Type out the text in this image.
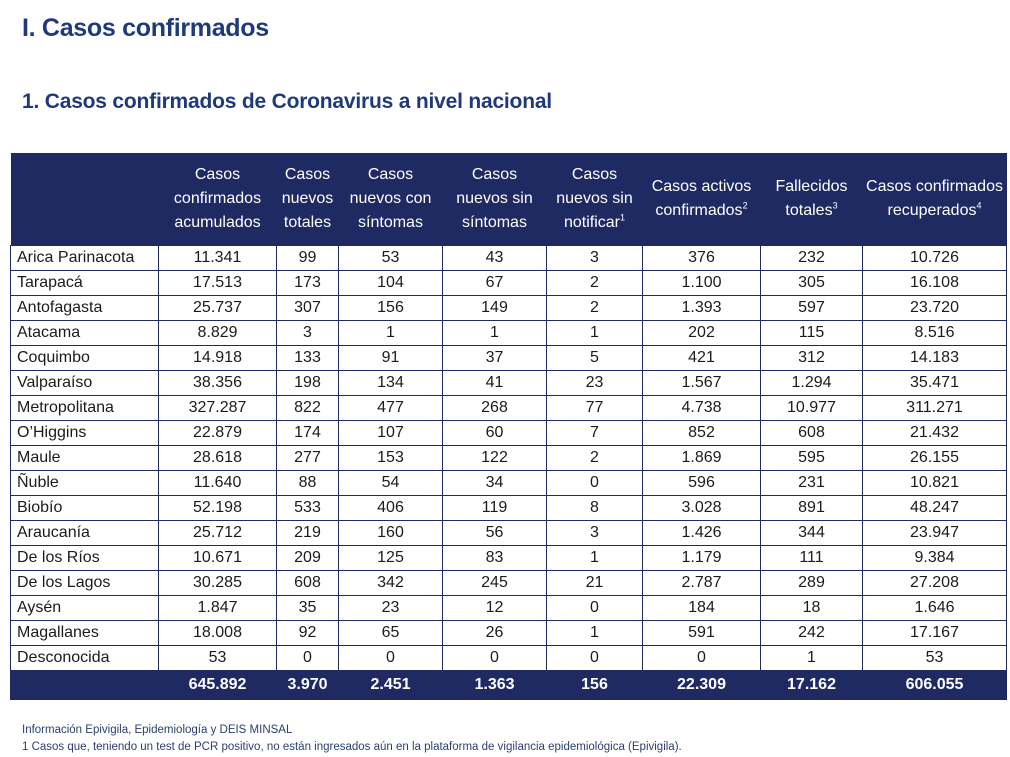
I. Casos confirmados
1. Casos confirmados de Coronavirus a nivel nacional
	Casos confirmados acumulados	Casos nuevos totales	Casos nuevos con síntomas	Casos nuevos sin síntomas	Casos nuevos sin notificar$^1$	Casos activos confirmados$^2$	Fallecidos totales$^3$	Casos confirmados recuperados$^4$
Arica Parinacota	11.341	99	53	43	3	376	232	10.726
Tarapacá	17.513	173	104	67	2	1.100	305	16.108
Antofagasta	25.737	307	156	149	2	1.393	597	23.720
Atacama	8.829	3	1	1	1	202	115	8.516
Coquimbo	14.918	133	91	37	5	421	312	14.183
Valparaíso	38.356	198	134	41	23	1.567	1.294	35.471
Metropolitana	327.287	822	477	268	77	4.738	10.977	311.271
O’Higgins	22.879	174	107	60	7	852	608	21.432
Maule	28.618	277	153	122	2	1.869	595	26.155
Ñuble	11.640	88	54	34	0	596	231	10.821
Biobío	52.198	533	406	119	8	3.028	891	48.247
Araucanía	25.712	219	160	56	3	1.426	344	23.947
De los Ríos	10.671	209	125	83	1	1.179	111	9.384
De los Lagos	30.285	608	342	245	21	2.787	289	27.208
Aysén	1.847	35	23	12	0	184	18	1.646
Magallanes	18.008	92	65	26	1	591	242	17.167
Desconocida	53	0	0	0	0	0	1	53
	645.892	3.970	2.451	1.363	156	22.309	17.162	606.055
Información Epivigila, Epidemiología y DEIS MINSAL
1 Casos que, teniendo un test de PCR positivo, no están ingresados aún en la plataforma de vigilancia epidemiológica (Epivigila).
